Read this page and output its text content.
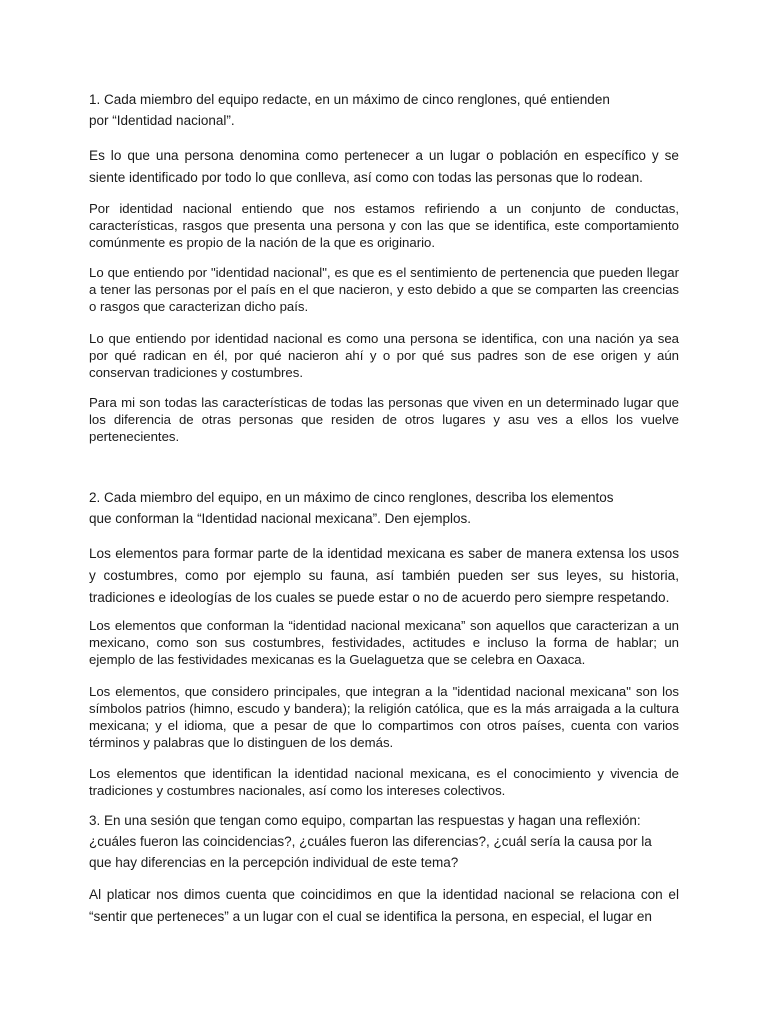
1. Cada miembro del equipo redacte, en un máximo de cinco renglones, qué entienden
por “Identidad nacional”.

Es lo que una persona denomina como pertenecer a un lugar o población en específico y se siente identificado por todo lo que conlleva, así como con todas las personas que lo rodean.

Por identidad nacional entiendo que nos estamos refiriendo a un conjunto de conductas, características, rasgos que presenta una persona y con las que se identifica, este comportamiento comúnmente es propio de la nación de la que es originario.

Lo que entiendo por "identidad nacional", es que es el sentimiento de pertenencia que pueden llegar a tener las personas por el país en el que nacieron, y esto debido a que se comparten las creencias o rasgos que caracterizan dicho país.

Lo que entiendo por identidad nacional es como una persona se identifica, con una nación ya sea por qué radican en él, por qué nacieron ahí y o por qué sus padres son de ese origen y aún conservan tradiciones y costumbres.

Para mi son todas las características de todas las personas que viven en un determinado lugar que los diferencia de otras personas que residen de otros lugares y asu ves a ellos los vuelve pertenecientes.

2. Cada miembro del equipo, en un máximo de cinco renglones, describa los elementos
que conforman la “Identidad nacional mexicana”. Den ejemplos.

Los elementos para formar parte de la identidad mexicana es saber de manera extensa los usos y costumbres, como por ejemplo su fauna, así también pueden ser sus leyes, su historia, tradiciones e ideologías de los cuales se puede estar o no de acuerdo pero siempre respetando.

Los elementos que conforman la “identidad nacional mexicana” son aquellos que caracterizan a un mexicano, como son sus costumbres, festividades, actitudes e incluso la forma de hablar; un ejemplo de las festividades mexicanas es la Guelaguetza que se celebra en Oaxaca.

Los elementos, que considero principales, que integran a la "identidad nacional mexicana" son los símbolos patrios (himno, escudo y bandera); la religión católica, que es la más arraigada a la cultura mexicana; y el idioma, que a pesar de que lo compartimos con otros países, cuenta con varios términos y palabras que lo distinguen de los demás.

Los elementos que identifican la identidad nacional mexicana, es el conocimiento y vivencia de tradiciones y costumbres nacionales, así como los intereses colectivos.

3. En una sesión que tengan como equipo, compartan las respuestas y hagan una reflexión:
¿cuáles fueron las coincidencias?, ¿cuáles fueron las diferencias?, ¿cuál sería la causa por la
que hay diferencias en la percepción individual de este tema?

Al platicar nos dimos cuenta que coincidimos en que la identidad nacional se relaciona con el “sentir que perteneces” a un lugar con el cual se identifica la persona, en especial, el lugar en
